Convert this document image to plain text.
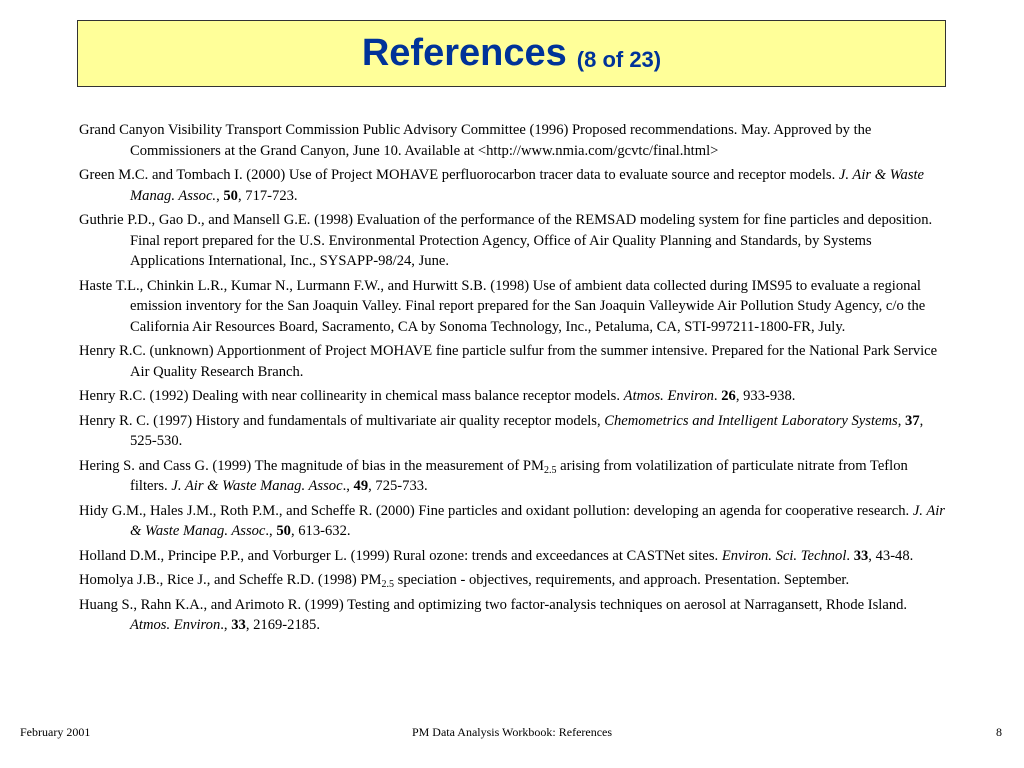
References (8 of 23)
Grand Canyon Visibility Transport Commission Public Advisory Committee (1996) Proposed recommendations. May. Approved by the Commissioners at the Grand Canyon, June 10. Available at <http://www.nmia.com/gcvtc/final.html>
Green M.C. and Tombach I. (2000) Use of Project MOHAVE perfluorocarbon tracer data to evaluate source and receptor models. J. Air & Waste Manag. Assoc., 50, 717-723.
Guthrie P.D., Gao D., and Mansell G.E. (1998) Evaluation of the performance of the REMSAD modeling system for fine particles and deposition. Final report prepared for the U.S. Environmental Protection Agency, Office of Air Quality Planning and Standards, by Systems Applications International, Inc., SYSAPP-98/24, June.
Haste T.L., Chinkin L.R., Kumar N., Lurmann F.W., and Hurwitt S.B. (1998) Use of ambient data collected during IMS95 to evaluate a regional emission inventory for the San Joaquin Valley. Final report prepared for the San Joaquin Valleywide Air Pollution Study Agency, c/o the California Air Resources Board, Sacramento, CA by Sonoma Technology, Inc., Petaluma, CA, STI-997211-1800-FR, July.
Henry R.C. (unknown) Apportionment of Project MOHAVE fine particle sulfur from the summer intensive. Prepared for the National Park Service Air Quality Research Branch.
Henry R.C. (1992) Dealing with near collinearity in chemical mass balance receptor models. Atmos. Environ. 26, 933-938.
Henry R. C. (1997) History and fundamentals of multivariate air quality receptor models, Chemometrics and Intelligent Laboratory Systems, 37, 525-530.
Hering S. and Cass G. (1999) The magnitude of bias in the measurement of $PM_{2.5}$ arising from volatilization of particulate nitrate from Teflon filters. J. Air & Waste Manag. Assoc., 49, 725-733.
Hidy G.M., Hales J.M., Roth P.M., and Scheffe R. (2000) Fine particles and oxidant pollution: developing an agenda for cooperative research. J. Air & Waste Manag. Assoc., 50, 613-632.
Holland D.M., Principe P.P., and Vorburger L. (1999) Rural ozone: trends and exceedances at CASTNet sites. Environ. Sci. Technol. 33, 43-48.
Homolya J.B., Rice J., and Scheffe R.D. (1998) $PM_{2.5}$ speciation - objectives, requirements, and approach. Presentation. September.
Huang S., Rahn K.A., and Arimoto R. (1999) Testing and optimizing two factor-analysis techniques on aerosol at Narragansett, Rhode Island. Atmos. Environ., 33, 2169-2185.
February 2001	PM Data Analysis Workbook: References	8
